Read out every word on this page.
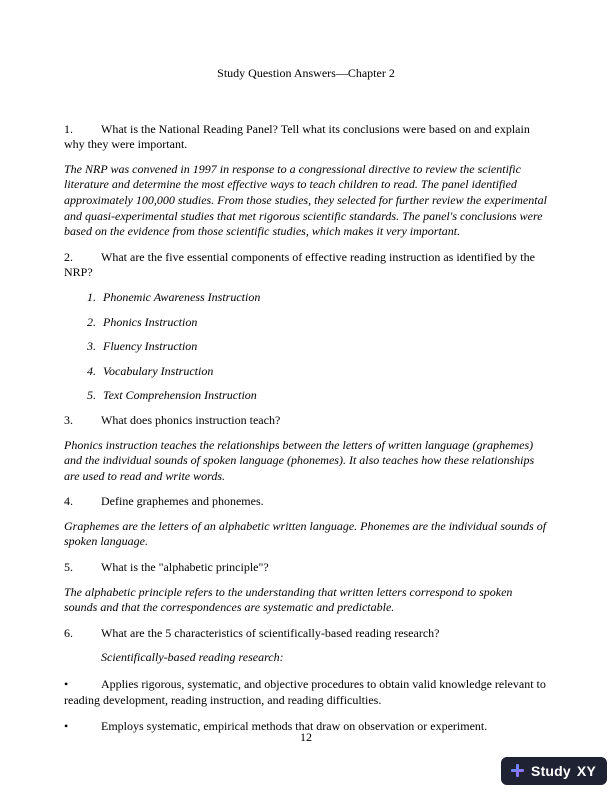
Study Question Answers—Chapter 2

1. What is the National Reading Panel? Tell what its conclusions were based on and explain why they were important.

The NRP was convened in 1997 in response to a congressional directive to review the scientific literature and determine the most effective ways to teach children to read. The panel identified approximately 100,000 studies. From those studies, they selected for further review the experimental and quasi-experimental studies that met rigorous scientific standards. The panel's conclusions were based on the evidence from those scientific studies, which makes it very important.

2. What are the five essential components of effective reading instruction as identified by the NRP?

1. Phonemic Awareness Instruction

2. Phonics Instruction

3. Fluency Instruction

4. Vocabulary Instruction

5. Text Comprehension Instruction

3. What does phonics instruction teach?

Phonics instruction teaches the relationships between the letters of written language (graphemes) and the individual sounds of spoken language (phonemes). It also teaches how these relationships are used to read and write words.

4. Define graphemes and phonemes.

Graphemes are the letters of an alphabetic written language. Phonemes are the individual sounds of spoken language.

5. What is the "alphabetic principle"?

The alphabetic principle refers to the understanding that written letters correspond to spoken sounds and that the correspondences are systematic and predictable.

6. What are the 5 characteristics of scientifically-based reading research?

Scientifically-based reading research:

•	Applies rigorous, systematic, and objective procedures to obtain valid knowledge relevant to reading development, reading instruction, and reading difficulties.

•	Employs systematic, empirical methods that draw on observation or experiment.

12
Study XY
